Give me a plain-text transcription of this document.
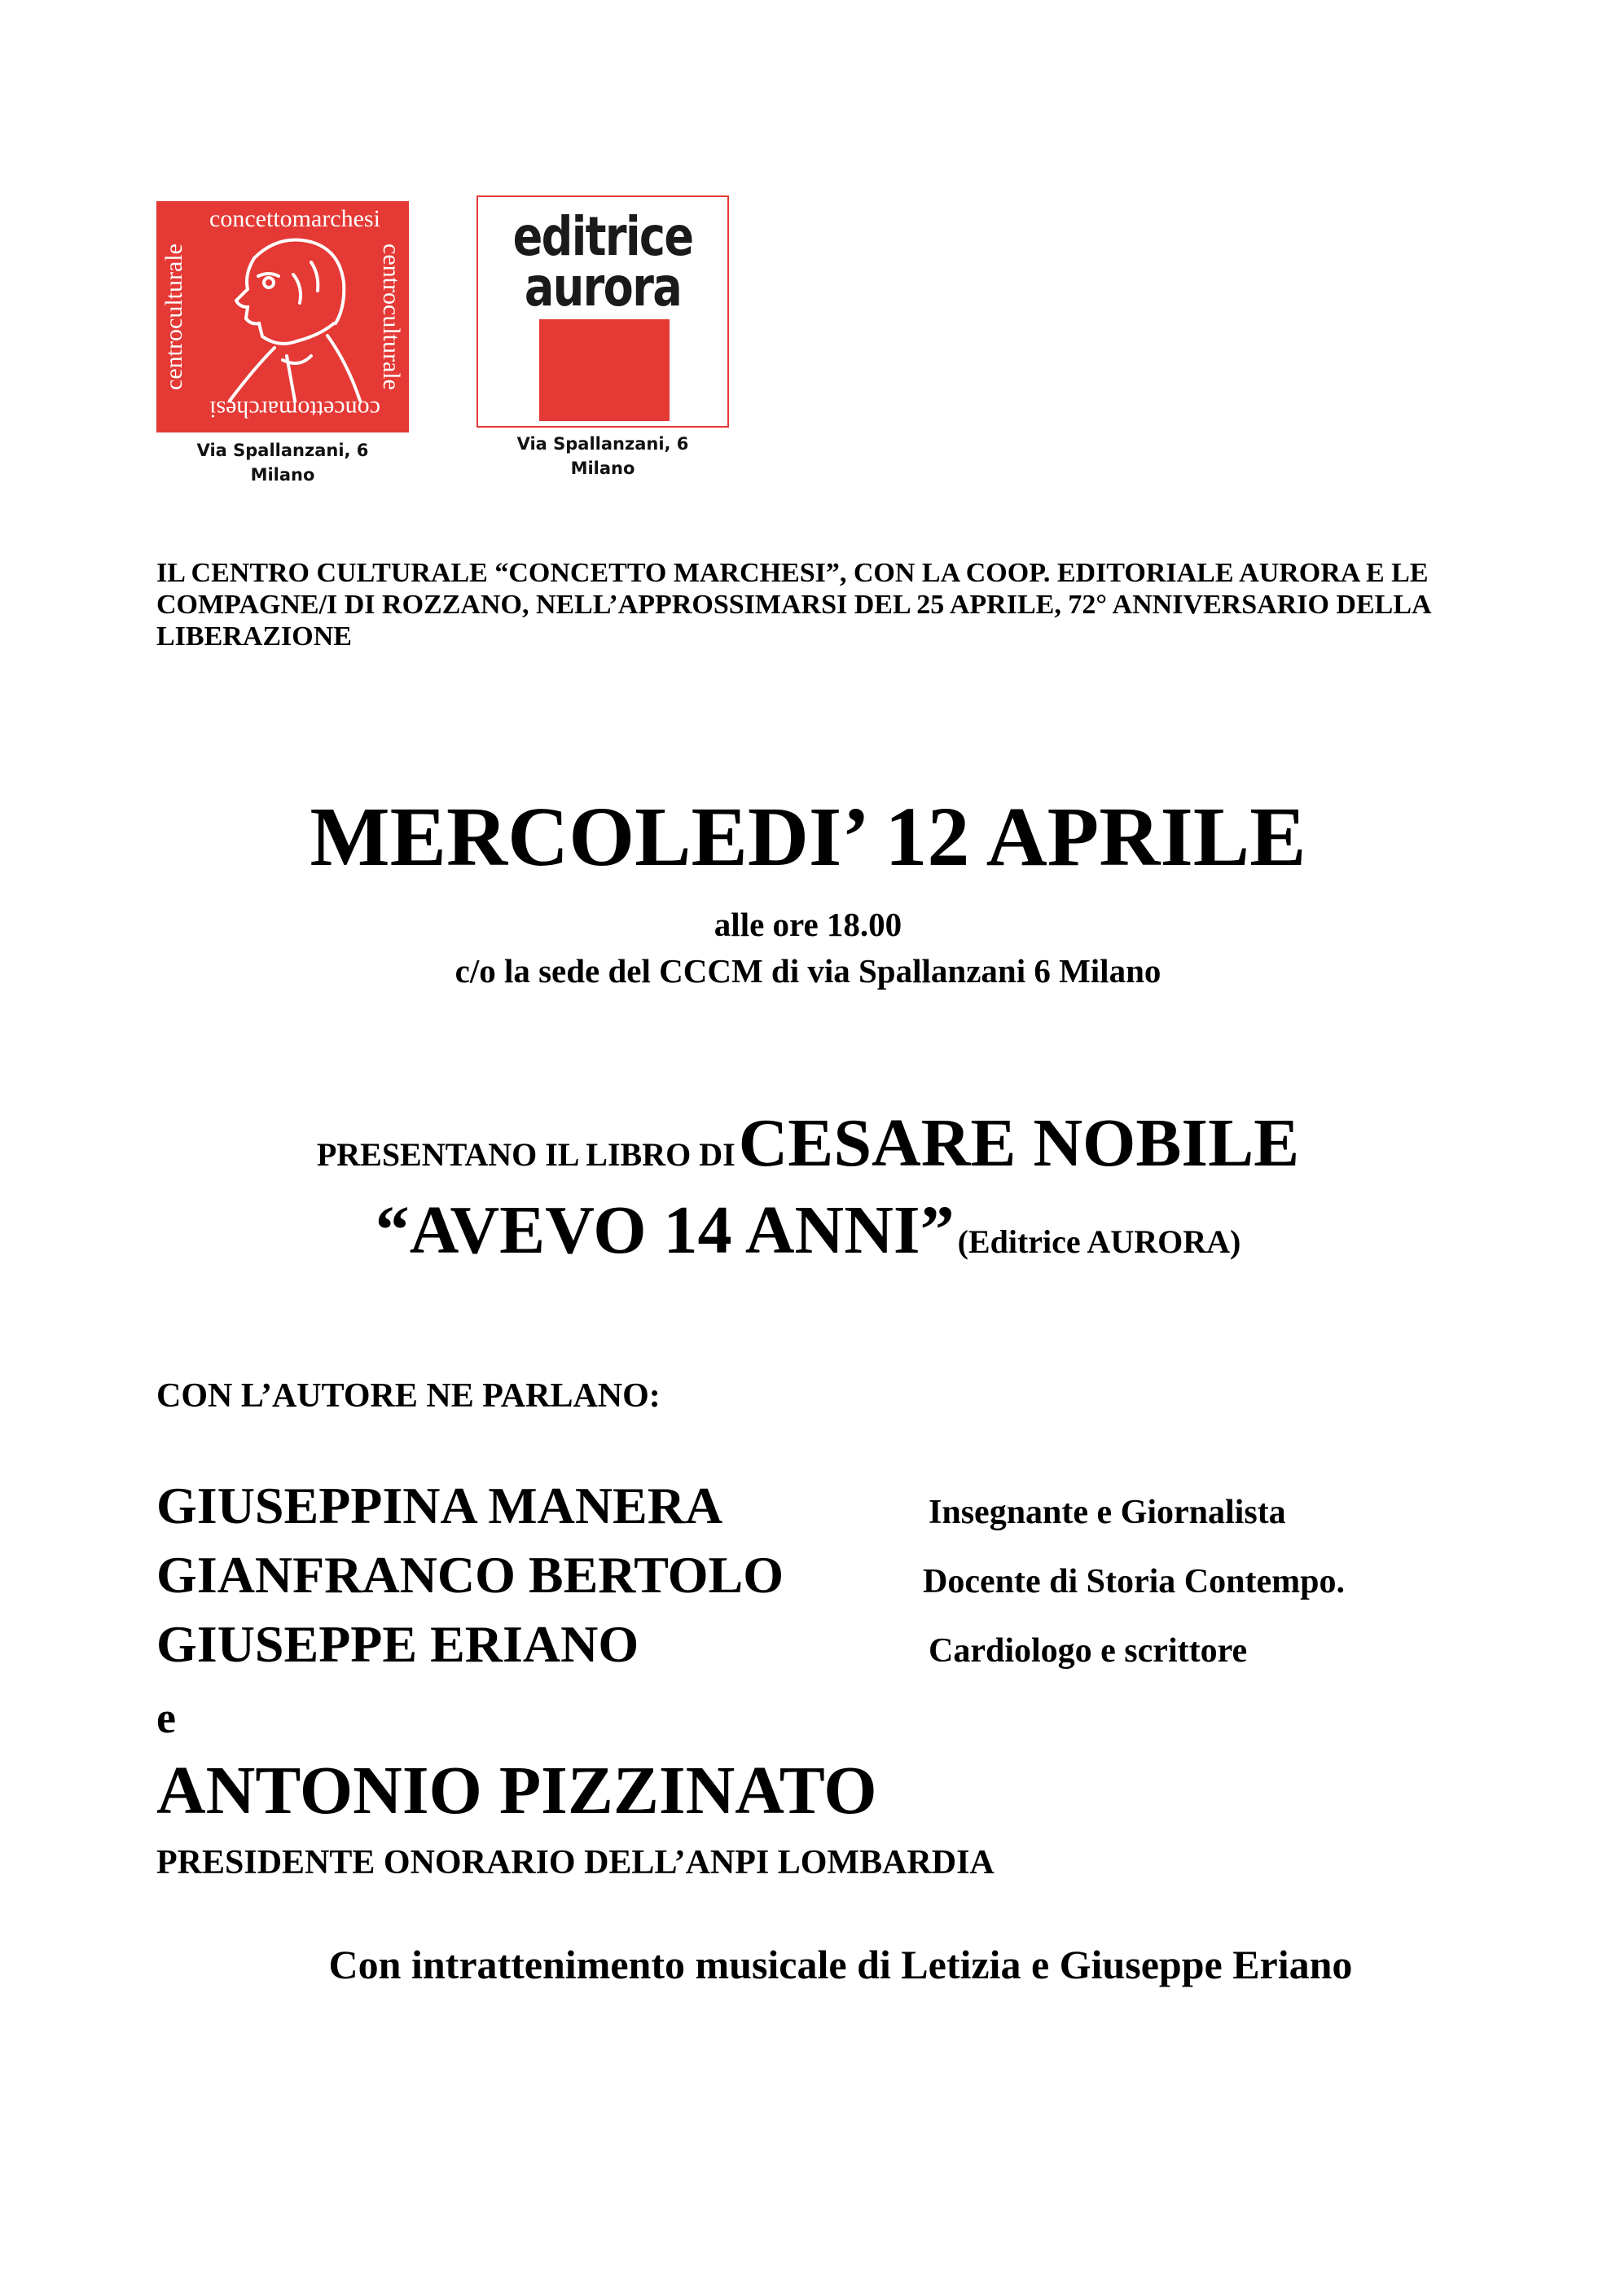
concettomarchesi
centroculturale	centroculturale
concettomarchesi
Via Spallanzani, 6
Milano
editrice
aurora
Via Spallanzani, 6
Milano
IL CENTRO CULTURALE “CONCETTO MARCHESI”, CON LA COOP. EDITORIALE AURORA E LE COMPAGNE/I DI ROZZANO, NELL’APPROSSIMARSI DEL 25 APRILE, 72° ANNIVERSARIO DELLA LIBERAZIONE
MERCOLEDI’ 12 APRILE
alle ore 18.00
c/o la sede del CCCM di via Spallanzani 6 Milano
PRESENTANO IL LIBRO DI CESARE NOBILE
“AVEVO 14 ANNI” (Editrice AURORA)
CON L’AUTORE NE PARLANO:
GIUSEPPINA MANERA	Insegnante e Giornalista
GIANFRANCO BERTOLO	Docente di Storia Contempo.
GIUSEPPE ERIANO	Cardiologo e scrittore
e
ANTONIO PIZZINATO
PRESIDENTE ONORARIO DELL’ANPI LOMBARDIA
Con intrattenimento musicale di Letizia e Giuseppe Eriano
